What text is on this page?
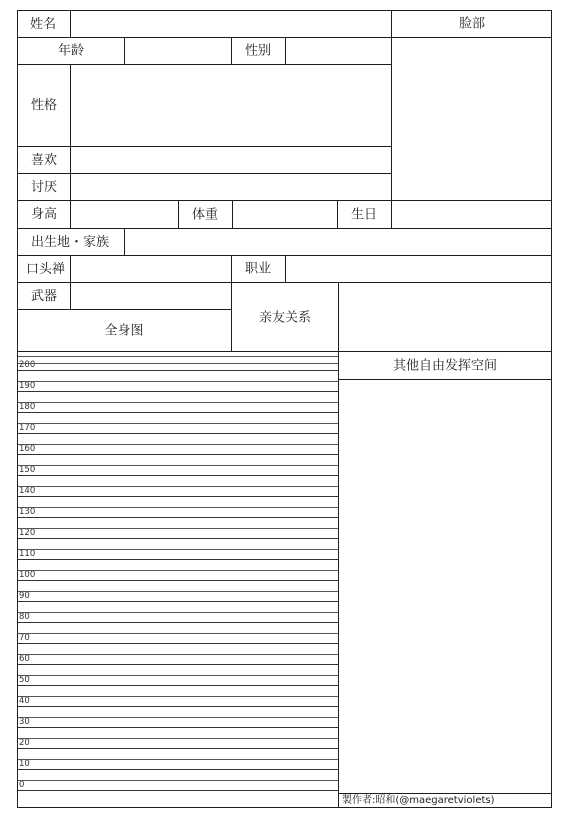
姓名	脸部
年龄	性别
性格
喜欢
讨厌
身高	体重	生日
出生地・家族
口头禅	职业
武器
全身图
亲友关系
200
190
180
170
160
150
140
130
120
110
100
90
80
70
60
50
40
30
20
10
0
其他自由发挥空间
製作者:昭和(@maegaretviolets)
